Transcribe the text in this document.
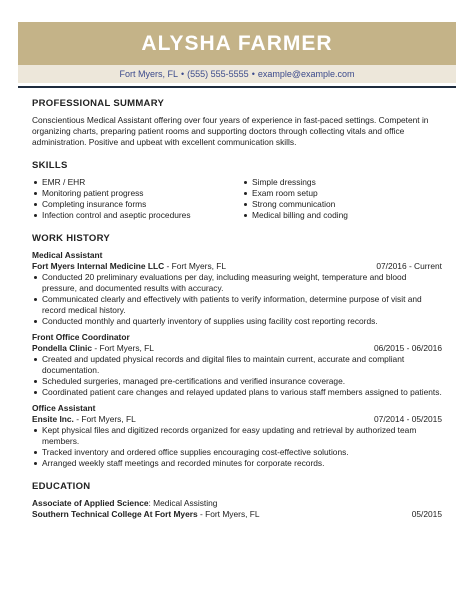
ALYSHA FARMER
Fort Myers, FL • (555) 555-5555 • example@example.com
PROFESSIONAL SUMMARY

Conscientious Medical Assistant offering over four years of experience in fast-paced settings. Competent in organizing charts, preparing patient rooms and supporting doctors through collecting vitals and office administration. Positive and upbeat with excellent communication skills.

SKILLS
EMR / EHR
Monitoring patient progress
Completing insurance forms
Infection control and aseptic procedures
Simple dressings
Exam room setup
Strong communication
Medical billing and coding
WORK HISTORY
Medical Assistant
Fort Myers Internal Medicine LLC - Fort Myers, FL	07/2016 - Current
Conducted 20 preliminary evaluations per day, including measuring weight, temperature and blood pressure, and documented results with accuracy.
Communicated clearly and effectively with patients to verify information, determine purpose of visit and record medical history.
Conducted monthly and quarterly inventory of supplies using facility cost reporting records.
Front Office Coordinator
Pondella Clinic - Fort Myers, FL	06/2015 - 06/2016
Created and updated physical records and digital files to maintain current, accurate and compliant documentation.
Scheduled surgeries, managed pre-certifications and verified insurance coverage.
Coordinated patient care changes and relayed updated plans to various staff members assigned to patients.
Office Assistant
Ensite Inc. - Fort Myers, FL	07/2014 - 05/2015
Kept physical files and digitized records organized for easy updating and retrieval by authorized team members.
Tracked inventory and ordered office supplies encouraging cost-effective solutions.
Arranged weekly staff meetings and recorded minutes for corporate records.
EDUCATION
Associate of Applied Science: Medical Assisting
Southern Technical College At Fort Myers - Fort Myers, FL	05/2015
